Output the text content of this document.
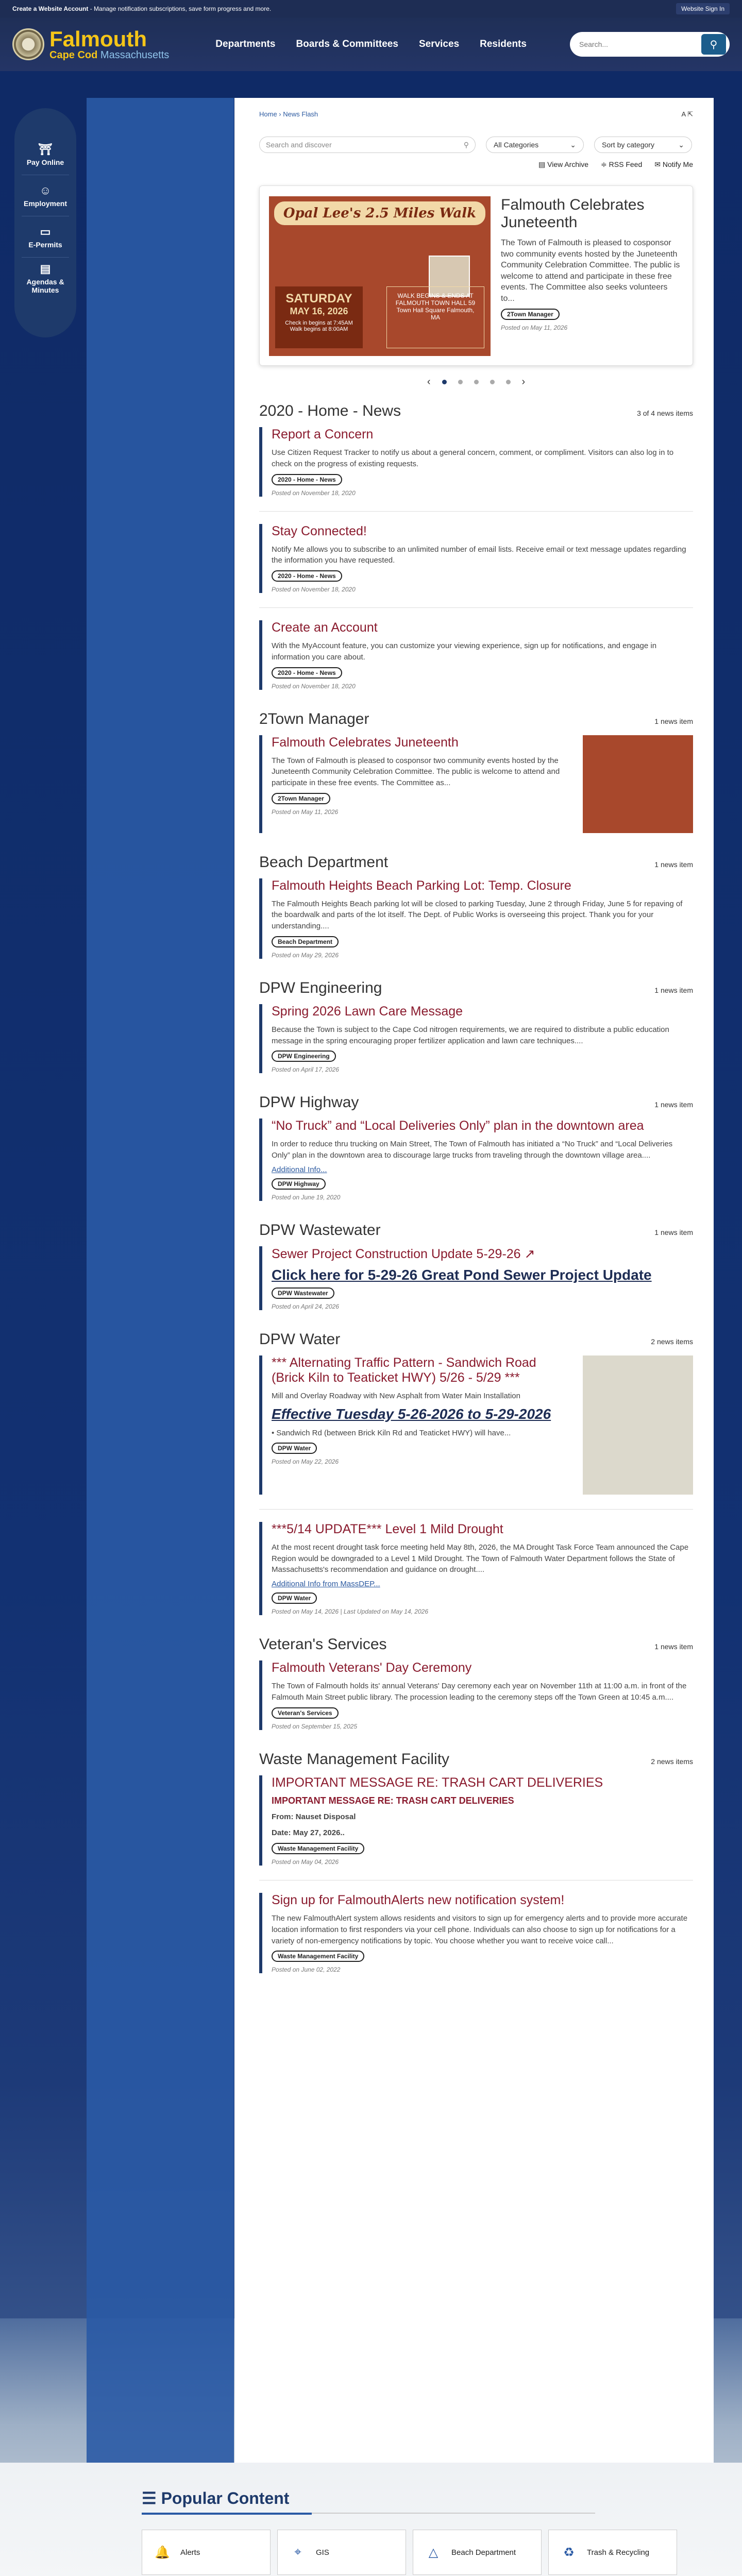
Create a Website Account - Manage notification subscriptions, save form progress and more.	Website Sign In
Falmouth
Cape Cod Massachusetts
Departments Boards & Committees Services Residents
Search...	⚲
⛩
Pay Online
☺
Employment
▭
E-Permits
▤
Agendas & Minutes
Home › News Flash	A ⇱
Search and discover	⚲	All Categories	⌄	Sort by category	⌄
▤ View Archive ≑ RSS Feed ✉ Notify Me
Opal Lee's 2.5 Miles Walk
SATURDAY
MAY 16, 2026
Check in begins at 7:45AM Walk begins at 8:00AM
WALK BEGINS & ENDS AT FALMOUTH TOWN HALL 59 Town Hall Square Falmouth, MA
Falmouth Celebrates Juneteenth

The Town of Falmouth is pleased to cosponsor two community events hosted by the Juneteenth Community Celebration Committee. The public is welcome to attend and participate in these free events. The Committee also seeks volunteers to...

2Town Manager
Posted on May 11, 2026
‹	›
2020 - Home - News	3 of 4 news items
Report a Concern

Use Citizen Request Tracker to notify us about a general concern, comment, or compliment. Visitors can also log in to check on the progress of existing requests.

2020 - Home - News
Posted on November 18, 2020
Stay Connected!

Notify Me allows you to subscribe to an unlimited number of email lists. Receive email or text message updates regarding the information you have requested.

2020 - Home - News
Posted on November 18, 2020
Create an Account

With the MyAccount feature, you can customize your viewing experience, sign up for notifications, and engage in information you care about.

2020 - Home - News
Posted on November 18, 2020
2Town Manager	1 news item
Falmouth Celebrates Juneteenth

The Town of Falmouth is pleased to cosponsor two community events hosted by the Juneteenth Community Celebration Committee. The public is welcome to attend and participate in these free events. The Committee as...

2Town Manager
Posted on May 11, 2026
Beach Department	1 news item
Falmouth Heights Beach Parking Lot: Temp. Closure

The Falmouth Heights Beach parking lot will be closed to parking Tuesday, June 2 through Friday, June 5 for repaving of the boardwalk and parts of the lot itself. The Dept. of Public Works is overseeing this project. Thank you for your understanding....

Beach Department
Posted on May 29, 2026
DPW Engineering	1 news item
Spring 2026 Lawn Care Message

Because the Town is subject to the Cape Cod nitrogen requirements, we are required to distribute a public education message in the spring encouraging proper fertilizer application and lawn care techniques....

DPW Engineering
Posted on April 17, 2026
DPW Highway	1 news item
“No Truck” and “Local Deliveries Only” plan in the downtown area

In order to reduce thru trucking on Main Street, The Town of Falmouth has initiated a “No Truck” and “Local Deliveries Only” plan in the downtown area to discourage large trucks from traveling through the downtown village area....

Additional Info...
DPW Highway
Posted on June 19, 2020
DPW Wastewater	1 news item
Sewer Project Construction Update 5-29-26 ↗
Click here for 5-29-26 Great Pond Sewer Project Update
DPW Wastewater
Posted on April 24, 2026
DPW Water	2 news items
*** Alternating Traffic Pattern - Sandwich Road (Brick Kiln to Teaticket HWY) 5/26 - 5/29 ***

Mill and Overlay Roadway with New Asphalt from Water Main Installation

Effective Tuesday 5-26-2026 to 5-29-2026

• Sandwich Rd (between Brick Kiln Rd and Teaticket HWY) will have...

DPW Water
Posted on May 22, 2026
***5/14 UPDATE*** Level 1 Mild Drought

At the most recent drought task force meeting held May 8th, 2026, the MA Drought Task Force Team announced the Cape Region would be downgraded to a Level 1 Mild Drought. The Town of Falmouth Water Department follows the State of Massachusetts's recommendation and guidance on drought....

Additional Info from MassDEP...
DPW Water
Posted on May 14, 2026 | Last Updated on May 14, 2026
Veteran's Services	1 news item
Falmouth Veterans' Day Ceremony

The Town of Falmouth holds its' annual Veterans' Day ceremony each year on November 11th at 11:00 a.m. in front of the Falmouth Main Street public library. The procession leading to the ceremony steps off the Town Green at 10:45 a.m....

Veteran's Services
Posted on September 15, 2025
Waste Management Facility	2 news items
IMPORTANT MESSAGE RE: TRASH CART DELIVERIES
IMPORTANT MESSAGE RE: TRASH CART DELIVERIES

From: Nauset Disposal

Date: May 27, 2026..

Waste Management Facility
Posted on May 04, 2026
Sign up for FalmouthAlerts new notification system!

The new FalmouthAlert system allows residents and visitors to sign up for emergency alerts and to provide more accurate location information to first responders via your cell phone. Individuals can also choose to sign up for notifications for a variety of non-emergency notifications by topic. You choose whether you want to receive voice call...

Waste Management Facility
Posted on June 02, 2022
☰ Popular Content
🔔 Alerts	⌖	GIS	△	Beach Department	♻ Trash & Recycling
